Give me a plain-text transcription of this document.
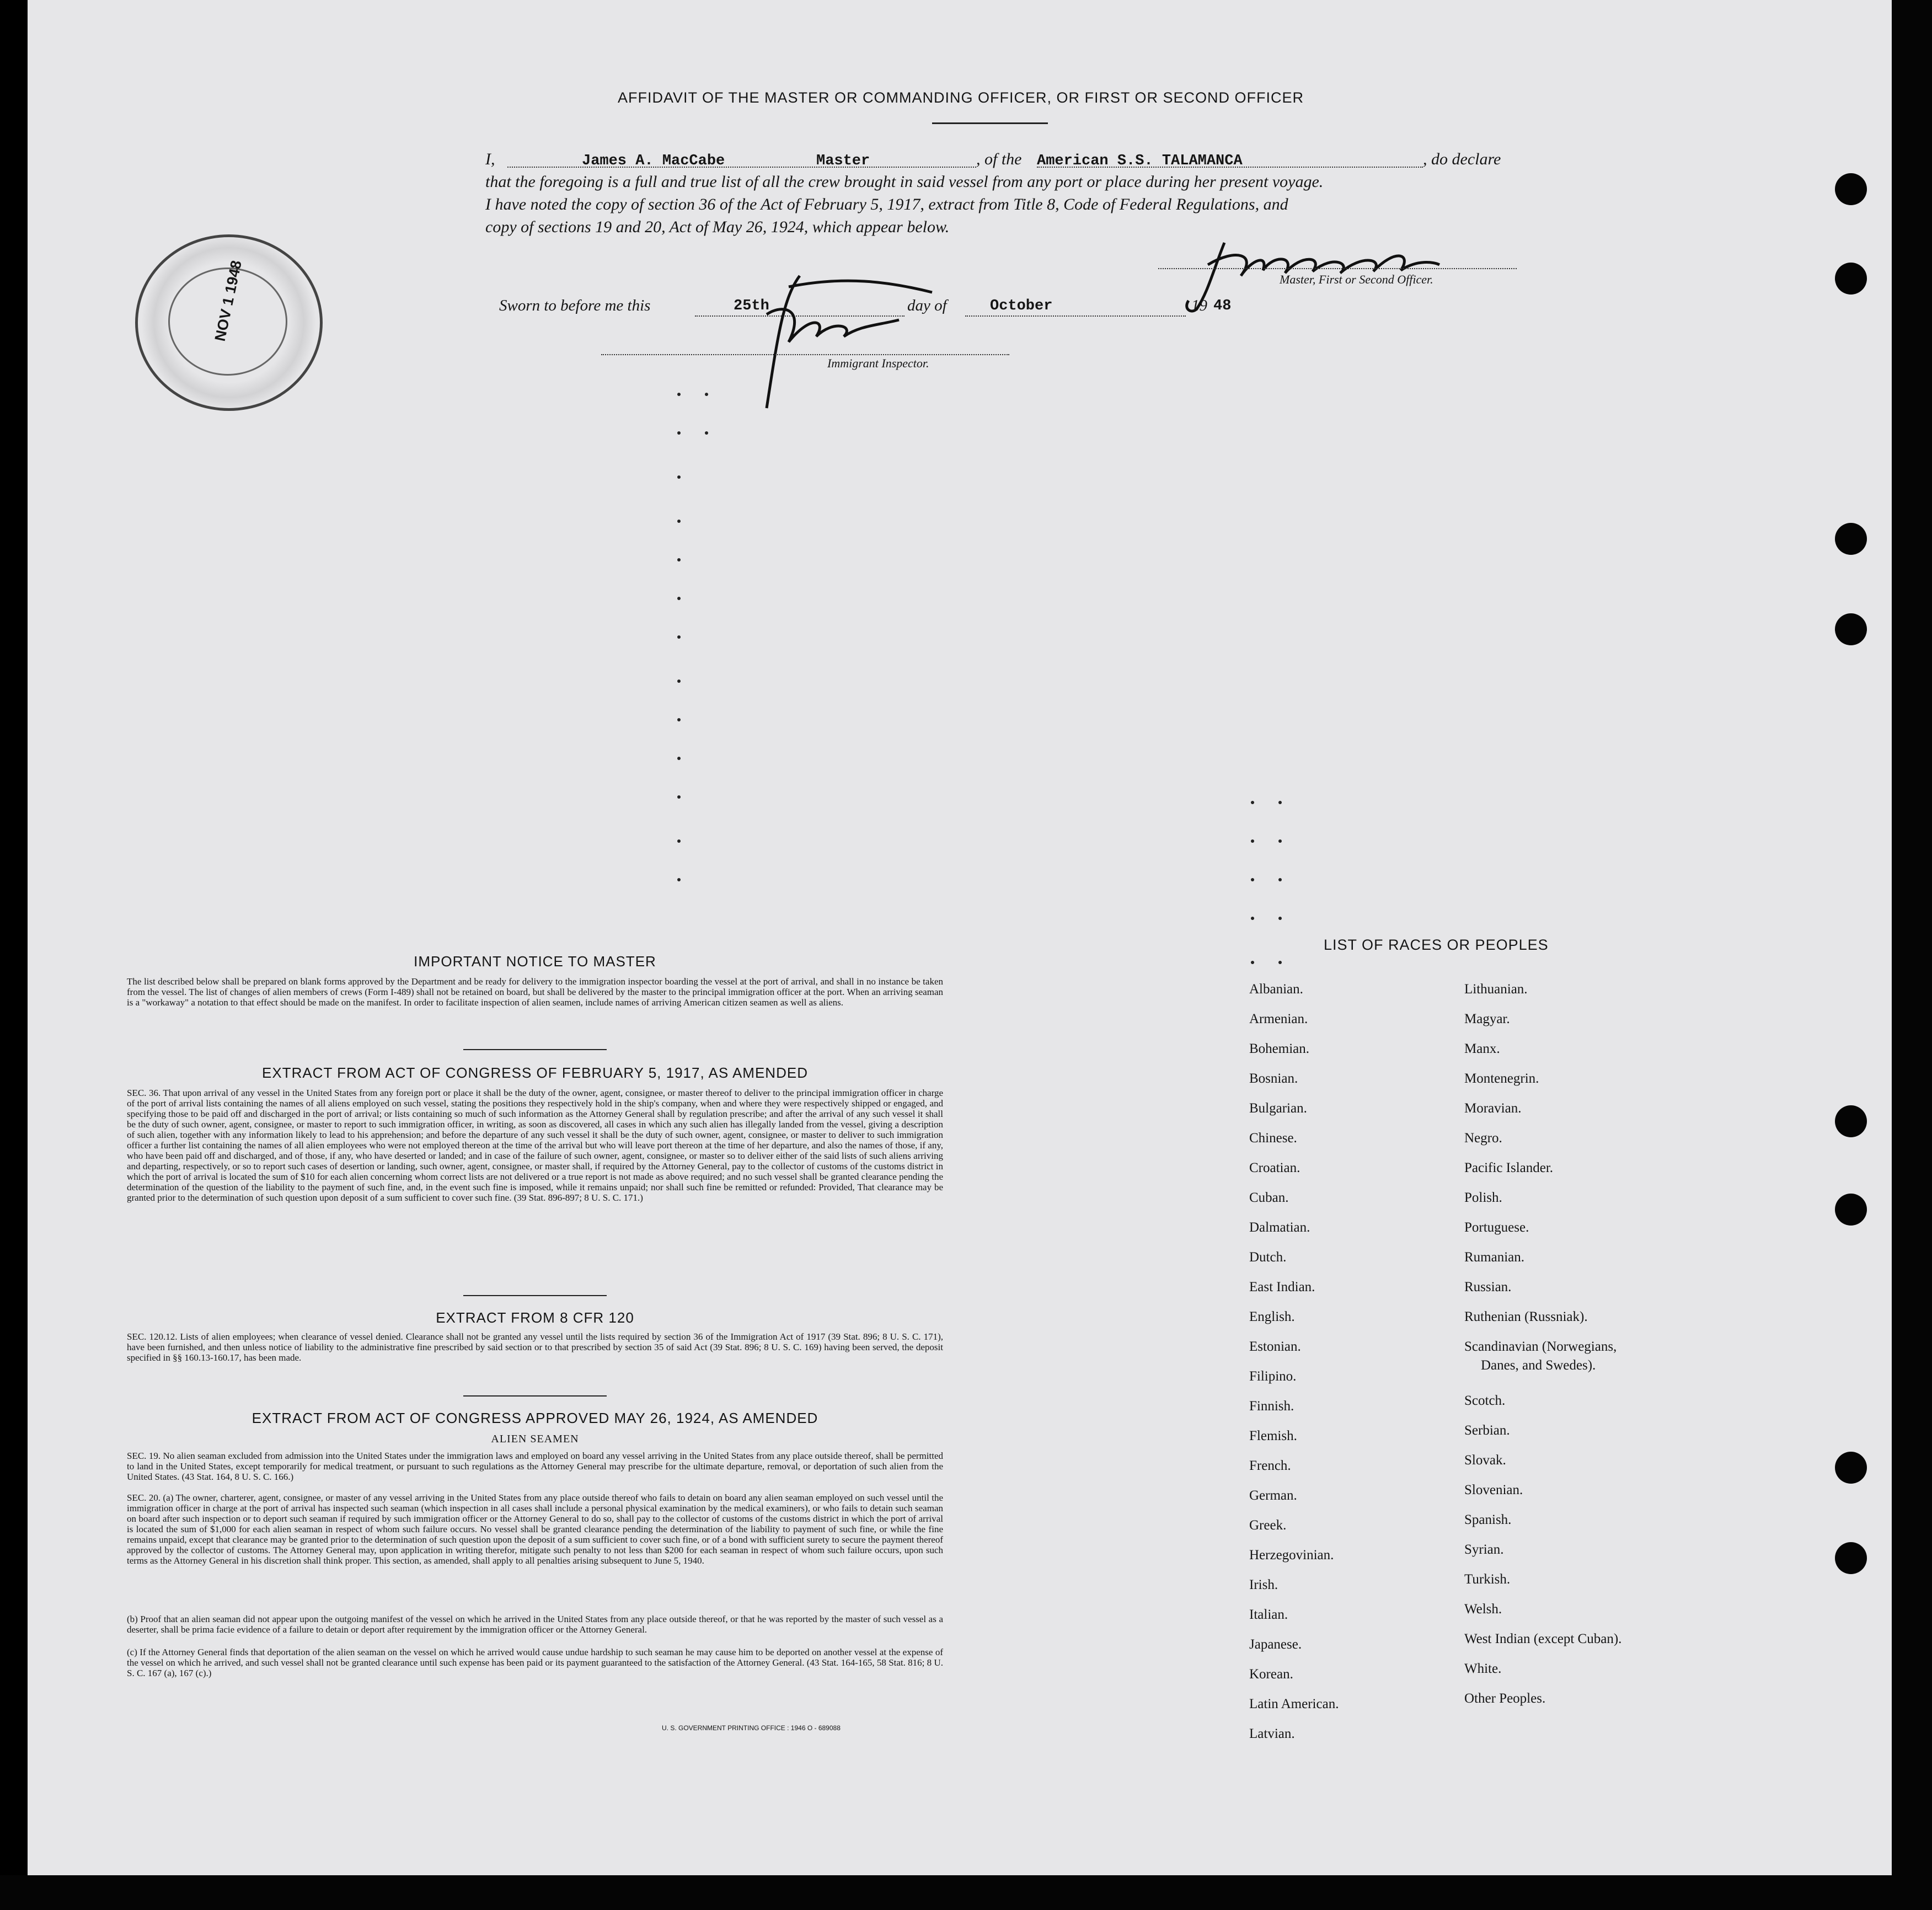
AFFIDAVIT OF THE MASTER OR COMMANDING OFFICER, OR FIRST OR SECOND OFFICER
I,	James A. MacCabe	Master	, of the American S.S. TALAMANCA	, do declare
that the foregoing is a full and true list of all the crew brought in said vessel from any port or place during her present voyage.
I have noted the copy of section 36 of the Act of February 5, 1917, extract from Title 8, Code of Federal Regulations, and
copy of sections 19 and 20, Act of May 26, 1924, which appear below.
Master, First or Second Officer.
Sworn to before me this	25th	day of	October	19 48
Immigrant Inspector.
NOV 1 1948
IMPORTANT NOTICE TO MASTER
The list described below shall be prepared on blank forms approved by the Department and be ready for delivery to the immigration inspector boarding the vessel at the port of arrival, and shall in no instance be taken from the vessel. The list of changes of alien members of crews (Form I-489) shall not be retained on board, but shall be delivered by the master to the principal immigration officer at the port. When an arriving seaman is a "workaway" a notation to that effect should be made on the manifest. In order to facilitate inspection of alien seamen, include names of arriving American citizen seamen as well as aliens.
EXTRACT FROM ACT OF CONGRESS OF FEBRUARY 5, 1917, AS AMENDED
SEC. 36. That upon arrival of any vessel in the United States from any foreign port or place it shall be the duty of the owner, agent, consignee, or master thereof to deliver to the principal immigration officer in charge of the port of arrival lists containing the names of all aliens employed on such vessel, stating the positions they respectively hold in the ship's company, when and where they were respectively shipped or engaged, and specifying those to be paid off and discharged in the port of arrival; or lists containing so much of such information as the Attorney General shall by regulation prescribe; and after the arrival of any such vessel it shall be the duty of such owner, agent, consignee, or master to report to such immigration officer, in writing, as soon as discovered, all cases in which any such alien has illegally landed from the vessel, giving a description of such alien, together with any information likely to lead to his apprehension; and before the departure of any such vessel it shall be the duty of such owner, agent, consignee, or master to deliver to such immigration officer a further list containing the names of all alien employees who were not employed thereon at the time of the arrival but who will leave port thereon at the time of her departure, and also the names of those, if any, who have been paid off and discharged, and of those, if any, who have deserted or landed; and in case of the failure of such owner, agent, consignee, or master so to deliver either of the said lists of such aliens arriving and departing, respectively, or so to report such cases of desertion or landing, such owner, agent, consignee, or master shall, if required by the Attorney General, pay to the collector of customs of the customs district in which the port of arrival is located the sum of $10 for each alien concerning whom correct lists are not delivered or a true report is not made as above required; and no such vessel shall be granted clearance pending the determination of the question of the liability to the payment of such fine, and, in the event such fine is imposed, while it remains unpaid; nor shall such fine be remitted or refunded: Provided, That clearance may be granted prior to the determination of such question upon deposit of a sum sufficient to cover such fine. (39 Stat. 896-897; 8 U. S. C. 171.)
EXTRACT FROM 8 CFR 120
SEC. 120.12. Lists of alien employees; when clearance of vessel denied. Clearance shall not be granted any vessel until the lists required by section 36 of the Immigration Act of 1917 (39 Stat. 896; 8 U. S. C. 171), have been furnished, and then unless notice of liability to the administrative fine prescribed by said section or to that prescribed by section 35 of said Act (39 Stat. 896; 8 U. S. C. 169) having been served, the deposit specified in §§ 160.13-160.17, has been made.
EXTRACT FROM ACT OF CONGRESS APPROVED MAY 26, 1924, AS AMENDED
ALIEN SEAMEN
SEC. 19. No alien seaman excluded from admission into the United States under the immigration laws and employed on board any vessel arriving in the United States from any place outside thereof, shall be permitted to land in the United States, except temporarily for medical treatment, or pursuant to such regulations as the Attorney General may prescribe for the ultimate departure, removal, or deportation of such alien from the United States. (43 Stat. 164, 8 U. S. C. 166.)
SEC. 20. (a) The owner, charterer, agent, consignee, or master of any vessel arriving in the United States from any place outside thereof who fails to detain on board any alien seaman employed on such vessel until the immigration officer in charge at the port of arrival has inspected such seaman (which inspection in all cases shall include a personal physical examination by the medical examiners), or who fails to detain such seaman on board after such inspection or to deport such seaman if required by such immigration officer or the Attorney General to do so, shall pay to the collector of customs of the customs district in which the port of arrival is located the sum of $1,000 for each alien seaman in respect of whom such failure occurs. No vessel shall be granted clearance pending the determination of the liability to payment of such fine, or while the fine remains unpaid, except that clearance may be granted prior to the determination of such question upon the deposit of a sum sufficient to cover such fine, or of a bond with sufficient surety to secure the payment thereof approved by the collector of customs. The Attorney General may, upon application in writing therefor, mitigate such penalty to not less than $200 for each seaman in respect of whom such failure occurs, upon such terms as the Attorney General in his discretion shall think proper. This section, as amended, shall apply to all penalties arising subsequent to June 5, 1940.
(b) Proof that an alien seaman did not appear upon the outgoing manifest of the vessel on which he arrived in the United States from any place outside thereof, or that he was reported by the master of such vessel as a deserter, shall be prima facie evidence of a failure to detain or deport after requirement by the immigration officer or the Attorney General.
(c) If the Attorney General finds that deportation of the alien seaman on the vessel on which he arrived would cause undue hardship to such seaman he may cause him to be deported on another vessel at the expense of the vessel on which he arrived, and such vessel shall not be granted clearance until such expense has been paid or its payment guaranteed to the satisfaction of the Attorney General. (43 Stat. 164-165, 58 Stat. 816; 8 U. S. C. 167 (a), 167 (c).)
U. S. GOVERNMENT PRINTING OFFICE : 1946 O - 689088
LIST OF RACES OR PEOPLES
Albanian.
Armenian.
Bohemian.
Bosnian.
Bulgarian.
Chinese.
Croatian.
Cuban.
Dalmatian.
Dutch.
East Indian.
English.
Estonian.
Filipino.
Finnish.
Flemish.
French.
German.
Greek.
Herzegovinian.
Irish.
Italian.
Japanese.
Korean.
Latin American.
Latvian.
Lithuanian.
Magyar.
Manx.
Montenegrin.
Moravian.
Negro.
Pacific Islander.
Polish.
Portuguese.
Rumanian.
Russian.
Ruthenian (Russniak).
Scandinavian (Norwegians,
Danes, and Swedes).
Scotch.
Serbian.
Slovak.
Slovenian.
Spanish.
Syrian.
Turkish.
Welsh.
West Indian (except Cuban).
White.
Other Peoples.
